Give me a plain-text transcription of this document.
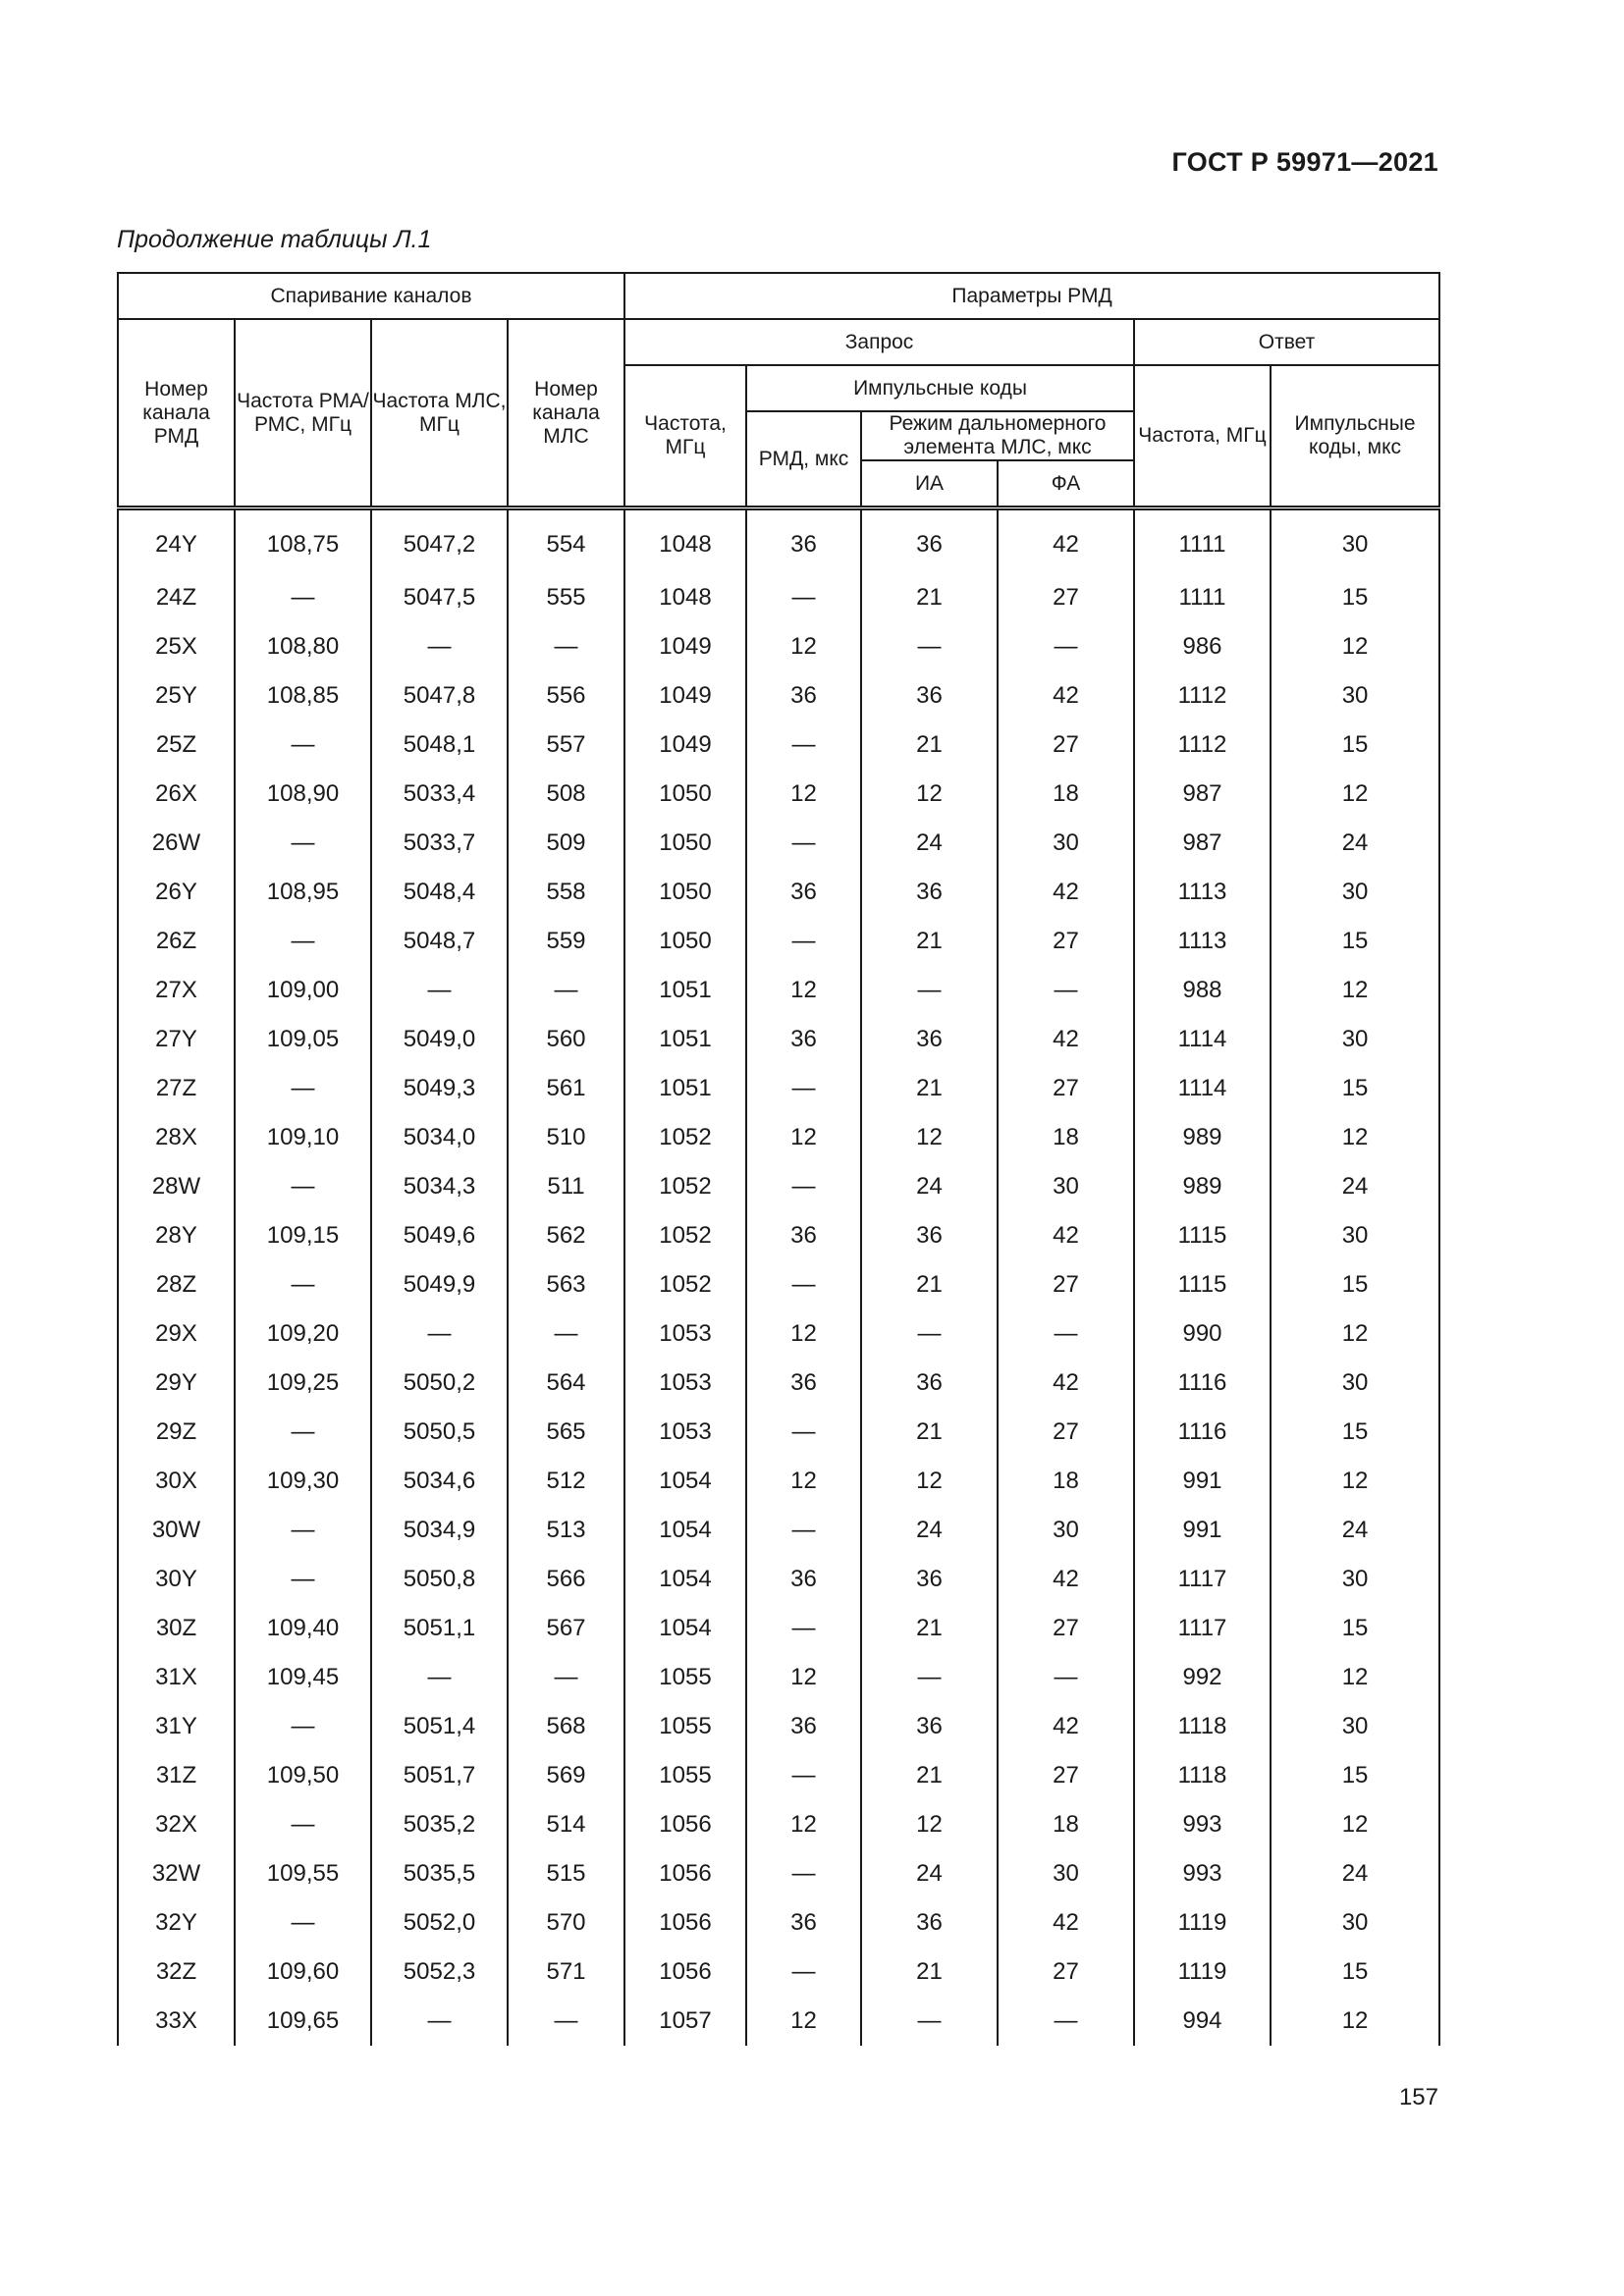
ГОСТ Р 59971—2021
Продолжение таблицы Л.1
Спаривание каналов				Параметры РМД					
Номер канала РМД	Частота РМА/ РМС, МГц	Частота МЛС, МГц	Номер канала МЛС	Запрос				Ответ	
				Частота, МГц	Импульсные коды			Частота, МГц	Импульсные коды, мкс
					РМД, мкс	Режим дальномерного элемента МЛС, мкс			
						ИА	ФА		
24Y	108,75	5047,2	554	1048	36	36	42	1111	30
24Z	—	5047,5	555	1048	—	21	27	1111	15
25X	108,80	—	—	1049	12	—	—	986	12
25Y	108,85	5047,8	556	1049	36	36	42	1112	30
25Z	—	5048,1	557	1049	—	21	27	1112	15
26X	108,90	5033,4	508	1050	12	12	18	987	12
26W	—	5033,7	509	1050	—	24	30	987	24
26Y	108,95	5048,4	558	1050	36	36	42	1113	30
26Z	—	5048,7	559	1050	—	21	27	1113	15
27X	109,00	—	—	1051	12	—	—	988	12
27Y	109,05	5049,0	560	1051	36	36	42	1114	30
27Z	—	5049,3	561	1051	—	21	27	1114	15
28X	109,10	5034,0	510	1052	12	12	18	989	12
28W	—	5034,3	511	1052	—	24	30	989	24
28Y	109,15	5049,6	562	1052	36	36	42	1115	30
28Z	—	5049,9	563	1052	—	21	27	1115	15
29X	109,20	—	—	1053	12	—	—	990	12
29Y	109,25	5050,2	564	1053	36	36	42	1116	30
29Z	—	5050,5	565	1053	—	21	27	1116	15
30X	109,30	5034,6	512	1054	12	12	18	991	12
30W	—	5034,9	513	1054	—	24	30	991	24
30Y	—	5050,8	566	1054	36	36	42	1117	30
30Z	109,40	5051,1	567	1054	—	21	27	1117	15
31X	109,45	—	—	1055	12	—	—	992	12
31Y	—	5051,4	568	1055	36	36	42	1118	30
31Z	109,50	5051,7	569	1055	—	21	27	1118	15
32X	—	5035,2	514	1056	12	12	18	993	12
32W	109,55	5035,5	515	1056	—	24	30	993	24
32Y	—	5052,0	570	1056	36	36	42	1119	30
32Z	109,60	5052,3	571	1056	—	21	27	1119	15
33X	109,65	—	—	1057	12	—	—	994	12
157
